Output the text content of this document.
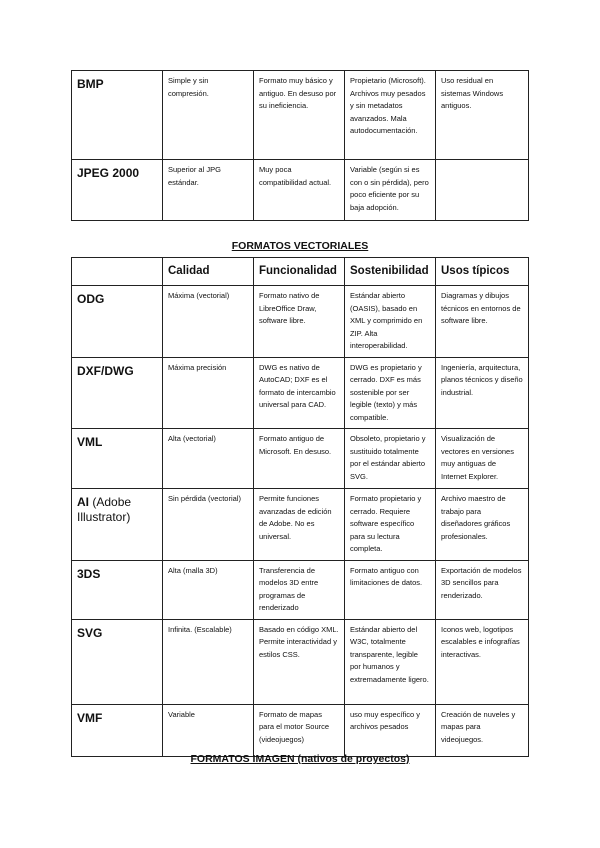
BMP	Simple y sin compresión.	Formato muy básico y antiguo. En desuso por su ineficiencia.	Propietario (Microsoft). Archivos muy pesados y sin metadatos avanzados. Mala autodocumentación.	Uso residual en sistemas Windows antiguos.
JPEG 2000	Superior al JPG estándar.	Muy poca compatibilidad actual.	Variable (según si es con o sin pérdida), pero poco eficiente por su baja adopción.	
FORMATOS VECTORIALES
	Calidad	Funcionalidad	Sostenibilidad	Usos típicos
ODG	Máxima (vectorial)	Formato nativo de LibreOffice Draw, software libre.	Estándar abierto (OASIS), basado en XML y comprimido en ZIP. Alta interoperabilidad.	Diagramas y dibujos técnicos en entornos de software libre.
DXF/DWG	Máxima precisión	DWG es nativo de AutoCAD; DXF es el formato de intercambio universal para CAD.	DWG es propietario y cerrado. DXF es más sostenible por ser legible (texto) y más compatible.	Ingeniería, arquitectura, planos técnicos y diseño industrial.
VML	Alta (vectorial)	Formato antiguo de Microsoft. En desuso.	Obsoleto, propietario y sustituido totalmente por el estándar abierto SVG.	Visualización de vectores en versiones muy antiguas de Internet Explorer.
AI (Adobe Illustrator)	Sin pérdida (vectorial)	Permite funciones avanzadas de edición de Adobe. No es universal.	Formato propietario y cerrado. Requiere software específico para su lectura completa.	Archivo maestro de trabajo para diseñadores gráficos profesionales.
3DS	Alta (malla 3D)	Transferencia de modelos 3D entre programas de renderizado	Formato antiguo con limitaciones de datos.	Exportación de modelos 3D sencillos para renderizado.
SVG	Infinita. (Escalable)	Basado en código XML. Permite interactividad y estilos CSS.	Estándar abierto del W3C, totalmente transparente, legible por humanos y extremadamente ligero.	Iconos web, logotipos escalables e infografías interactivas.
VMF	Variable	Formato de mapas para el motor Source (videojuegos)	uso muy específico y archivos pesados	Creación de nuveles y mapas para videojuegos.
FORMATOS IMAGEN (nativos de proyectos)
